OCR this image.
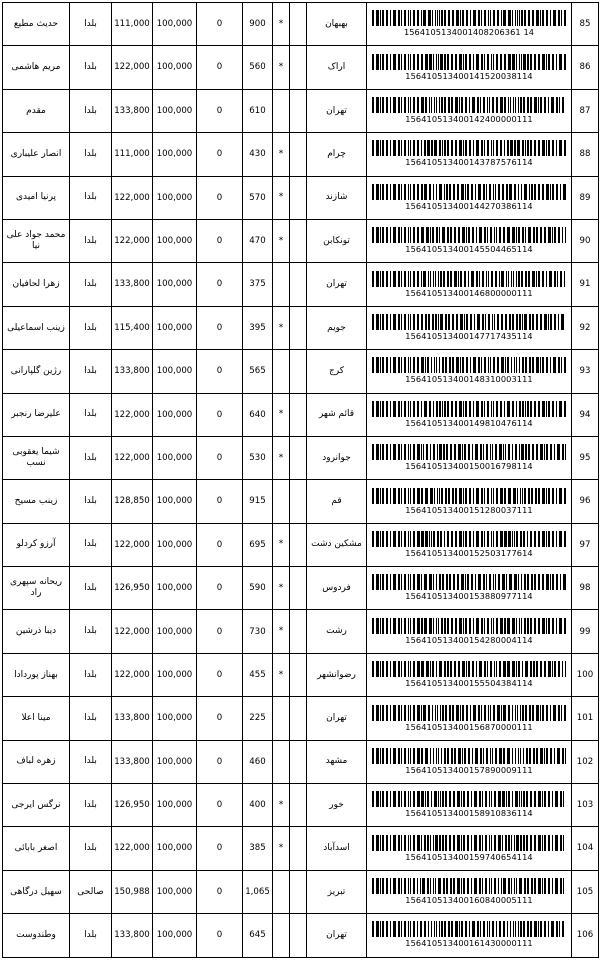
85	1564105134001408206361 14	بهبهان		*	900	0	100,000	111,000	بلدا	حدیث مطیع
86	156410513400141520038114	اراک		*	560	0	100,000	122,000	بلدا	مریم هاشمی
87	156410513400142400000111	تهران			610	0	100,000	133,800	بلدا	مقدم
88	156410513400143787576114	چرام		*	430	0	100,000	111,000	بلدا	انصار علیباری
89	156410513400144270386114	شازند		*	570	0	100,000	122,000	بلدا	پرنیا امیدی
90	156410513400145504465114	تونکابن		*	470	0	100,000	122,000	بلدا	محمد جواد علی نیا
91	156410513400146800000111	تهران			375	0	100,000	133,800	بلدا	زهرا لحافیان
92	156410513400147717435114	جویم		*	395	0	100,000	115,400	بلدا	زینب اسماعیلی
93	156410513400148310003111	کرج			565	0	100,000	133,800	بلدا	رژین گلپارانی
94	156410513400149810476114	قائم شهر		*	640	0	100,000	122,000	بلدا	علیرضا رنجبر
95	156410513400150016798114	جوانرود		*	530	0	100,000	122,000	بلدا	شیما یعقوبی نسب
96	156410513400151280037111	قم			915	0	100,000	128,850	بلدا	زینب مسیح
97	156410513400152503177614	مشکین دشت		*	695	0	100,000	122,000	بلدا	آرزو کردلو
98	156410513400153880977114	فردوس		*	590	0	100,000	126,950	بلدا	ریحانه سپهری راد
99	156410513400154280004114	رشت		*	730	0	100,000	122,000	بلدا	دیبا ذرشین
100	156410513400155504384114	رضوانشهر		*	455	0	100,000	122,000	بلدا	بهناز پوردادا
101	156410513400156870000111	تهران			225	0	100,000	133,800	بلدا	مینا اعلا
102	156410513400157890009111	مشهد			460	0	100,000	133,800	بلدا	زهره لباف
103	156410513400158910836114	خور		*	400	0	100,000	126,950	بلدا	نرگس ایرجی
104	156410513400159740654114	اسدآباد		*	385	0	100,000	122,000	بلدا	اصغر بابائی
105	156410513400160840005111	تبریز			1,065	0	100,000	150,988	صالحی	سهیل درگاهی
106	156410513400161430000111	تهران			645	0	100,000	133,800	بلدا	وطندوست
